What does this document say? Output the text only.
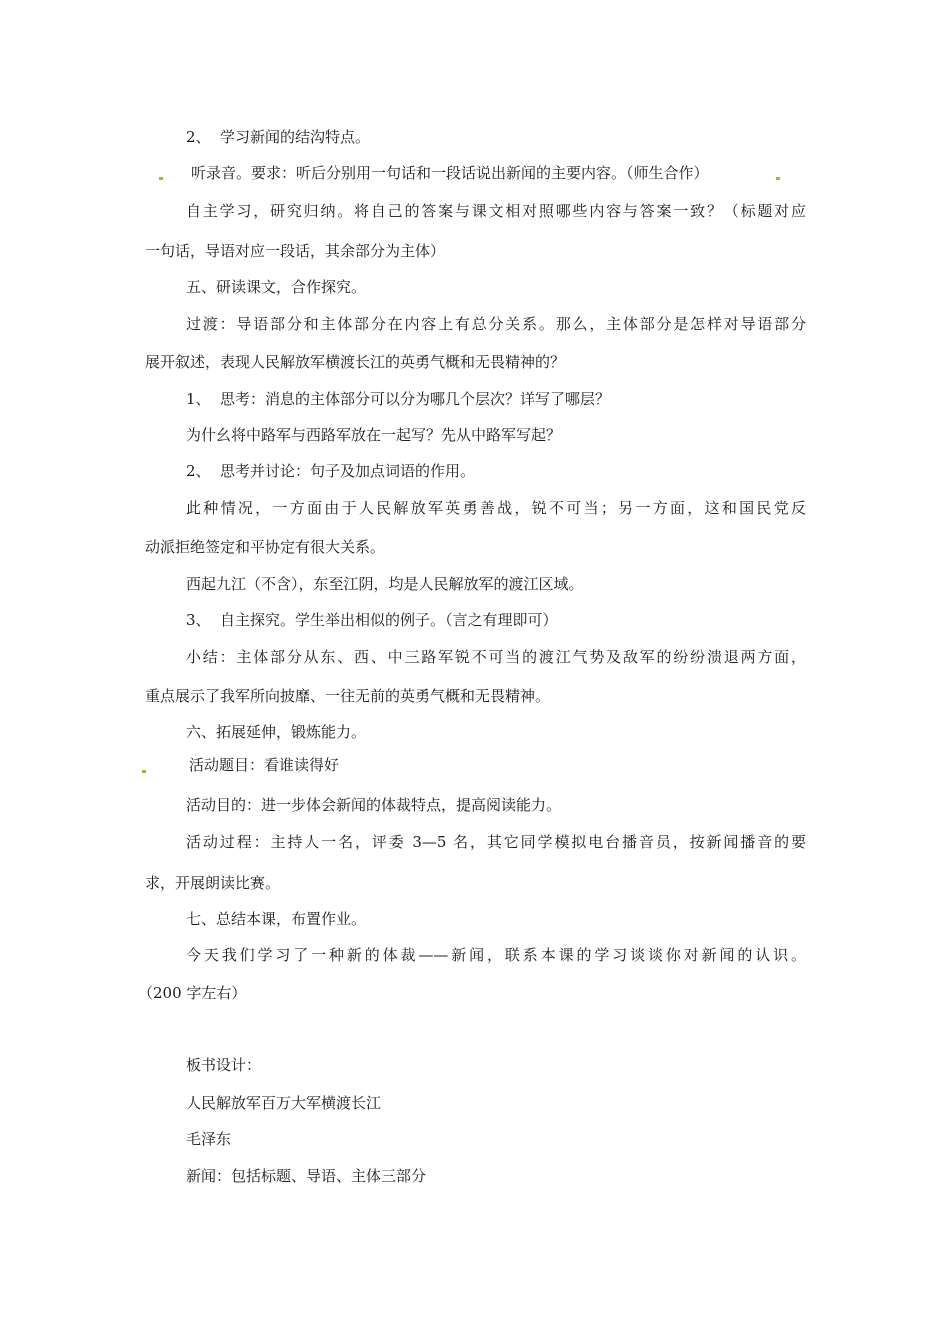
2、 学习新闻的结沟特点。
听录音。要求：听后分别用一句话和一段话说出新闻的主要内容。（师生合作）
自主学习，研究归纳。将自己的答案与课文相对照哪些内容与答案一致？（标题对应
一句话，导语对应一段话，其余部分为主体）
五、研读课文，合作探究。
过渡：导语部分和主体部分在内容上有总分关系。那么，主体部分是怎样对导语部分
展开叙述，表现人民解放军横渡长江的英勇气概和无畏精神的？
1、 思考：消息的主体部分可以分为哪几个层次？详写了哪层？
为什幺将中路军与西路军放在一起写？先从中路军写起？
2、 思考并讨论：句子及加点词语的作用。
此种情况，一方面由于人民解放军英勇善战，锐不可当；另一方面，这和国民党反
动派拒绝签定和平协定有很大关系。
西起九江（不含），东至江阴，均是人民解放军的渡江区域。
3、 自主探究。学生举出相似的例子。（言之有理即可）
小结：主体部分从东、西、中三路军锐不可当的渡江气势及敌军的纷纷溃退两方面，
重点展示了我军所向披靡、一往无前的英勇气概和无畏精神。
六、拓展延伸，锻炼能力。
活动题目：看谁读得好
活动目的：进一步体会新闻的体裁特点，提高阅读能力。
活动过程：主持人一名，评委 3—5 名，其它同学模拟电台播音员，按新闻播音的要
求，开展朗读比赛。
七、总结本课，布置作业。
今天我们学习了一种新的体裁——新闻，联系本课的学习谈谈你对新闻的认识。
（200 字左右）
板书设计：
人民解放军百万大军横渡长江
毛泽东
新闻：包括标题、导语、主体三部分
